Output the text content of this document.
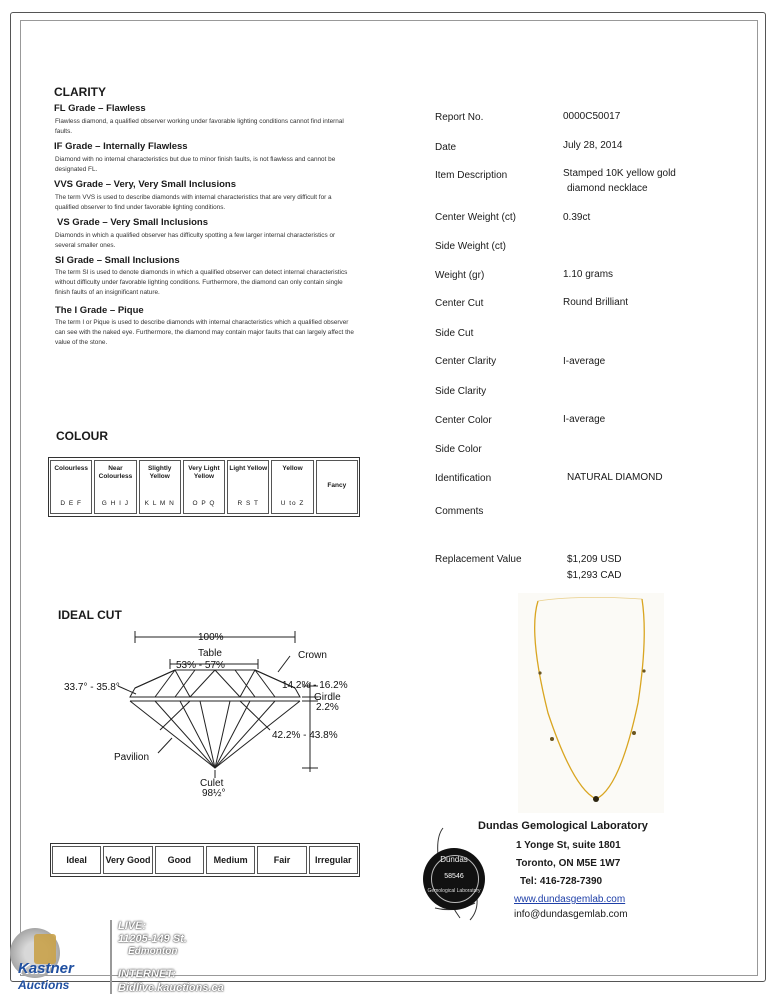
CLARITY
FL Grade – Flawless
Flawless diamond, a qualified observer working under favorable lighting conditions cannot find internal faults.
IF Grade – Internally Flawless
Diamond with no internal characteristics but due to minor finish faults, is not flawless and cannot be designated FL.
VVS Grade – Very, Very Small Inclusions
The term VVS is used to describe diamonds with internal characteristics that are very difficult for a qualified observer to find under favorable lighting conditions.
VS Grade – Very Small Inclusions
Diamonds in which a qualified observer has difficulty spotting a few larger internal characteristics or several smaller ones.
SI Grade – Small Inclusions
The term SI is used to denote diamonds in which a qualified observer can detect internal characteristics without difficulty under favorable lighting conditions. Furthermore, the diamond can only contain single finish faults of an insignificant nature.
The I Grade – Pique
The term I or Pique is used to describe diamonds with internal characteristics which a qualified observer can see with the naked eye. Furthermore, the diamond may contain major faults that can largely affect the value of the stone.
COLOUR
Colourless
D E F
Near Colourless
G H I J
Slightly Yellow
K L M N
Very Light Yellow
O P Q
Light Yellow
R S T
Yellow
U to Z
Fancy
IDEAL CUT
100%
Table
53% - 57%
Crown
33.7° - 35.8°	14.2% - 16.2%
Girdle
2.2%
42.2% - 43.8%
Pavilion
Culet
98½°
Ideal	Very Good	Good	Medium	Fair	Irregular
Report No.	0000C50017
Date	July 28, 2014
Item Description	Stamped 10K yellow gold
diamond necklace
Center Weight (ct)	0.39ct
Side Weight (ct)
Weight (gr)	1.10 grams
Center Cut	Round Brilliant
Side Cut
Center Clarity	I-average
Side Clarity
Center Color	I-average
Side Color
Identification	NATURAL DIAMOND
Comments
Replacement Value	$1,209 USD
$1,293 CAD
Dundas
58546
Gemological Laboratory
Dundas Gemological Laboratory
1 Yonge St, suite 1801
Toronto, ON M5E 1W7
Tel: 416-728-7390
www.dundasgemlab.com
info@dundasgemlab.com
Kastner
Auctions
LIVE:
11205-149 St.
Edmonton
INTERNET:
Bidlive.kauctions.ca
